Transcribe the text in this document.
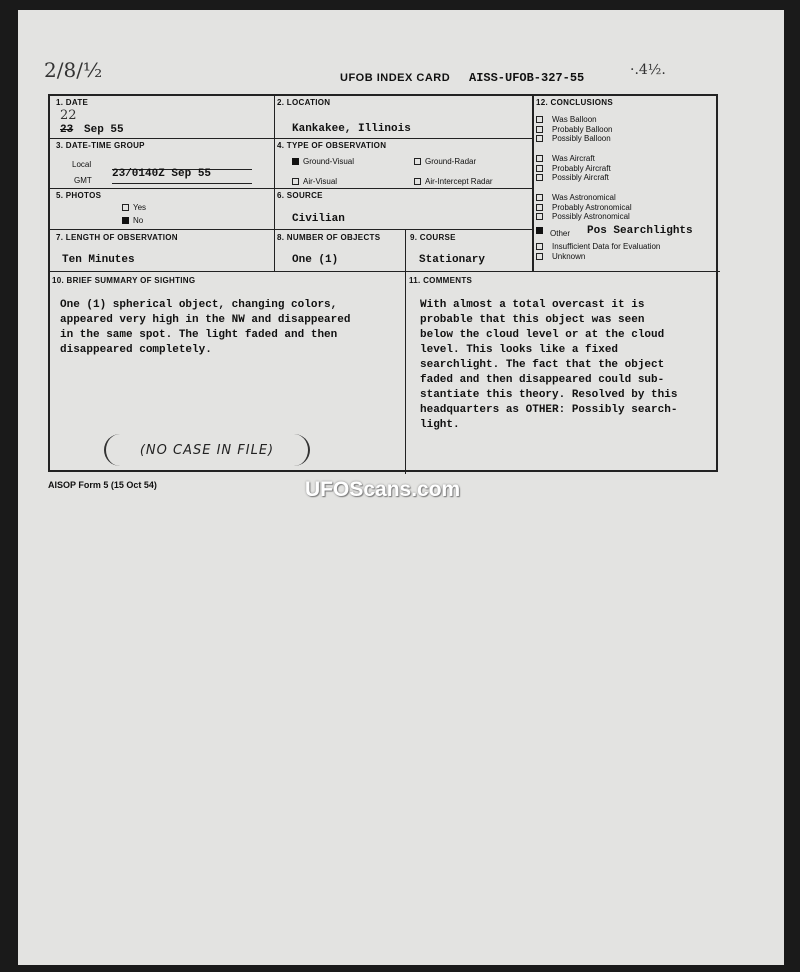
2/8/½	·.4½.
UFOB INDEX CARD AISS-UFOB-327-55
1. DATE
22
23 Sep 55
2. LOCATION
Kankakee, Illinois
3. DATE-TIME GROUP
Local
GMT
23/0140Z Sep 55
4. TYPE OF OBSERVATION
Ground-Visual	Ground-Radar
Air-Visual	Air-Intercept Radar
5. PHOTOS
Yes
No
6. SOURCE
Civilian
7. LENGTH OF OBSERVATION
Ten Minutes
8. NUMBER OF OBJECTS
One (1)
9. COURSE
Stationary
10. BRIEF SUMMARY OF SIGHTING
One (1) spherical object, changing colors,
appeared very high in the NW and disappeared
in the same spot. The light faded and then
disappeared completely.
(NO CASE IN FILE)
11. COMMENTS
With almost a total overcast it is
probable that this object was seen
below the cloud level or at the cloud
level. This looks like a fixed
searchlight. The fact that the object
faded and then disappeared could sub-
stantiate this theory. Resolved by this
headquarters as OTHER: Possibly search-
light.
12. CONCLUSIONS
Was Balloon
Probably Balloon
Possibly Balloon
Was Aircraft
Probably Aircraft
Possibly Aircraft
Was Astronomical
Probably Astronomical
Possibly Astronomical
Other Pos Searchlights
Insufficient Data for Evaluation
Unknown
AISOP Form 5 (15 Oct 54)	UFOScans.com
